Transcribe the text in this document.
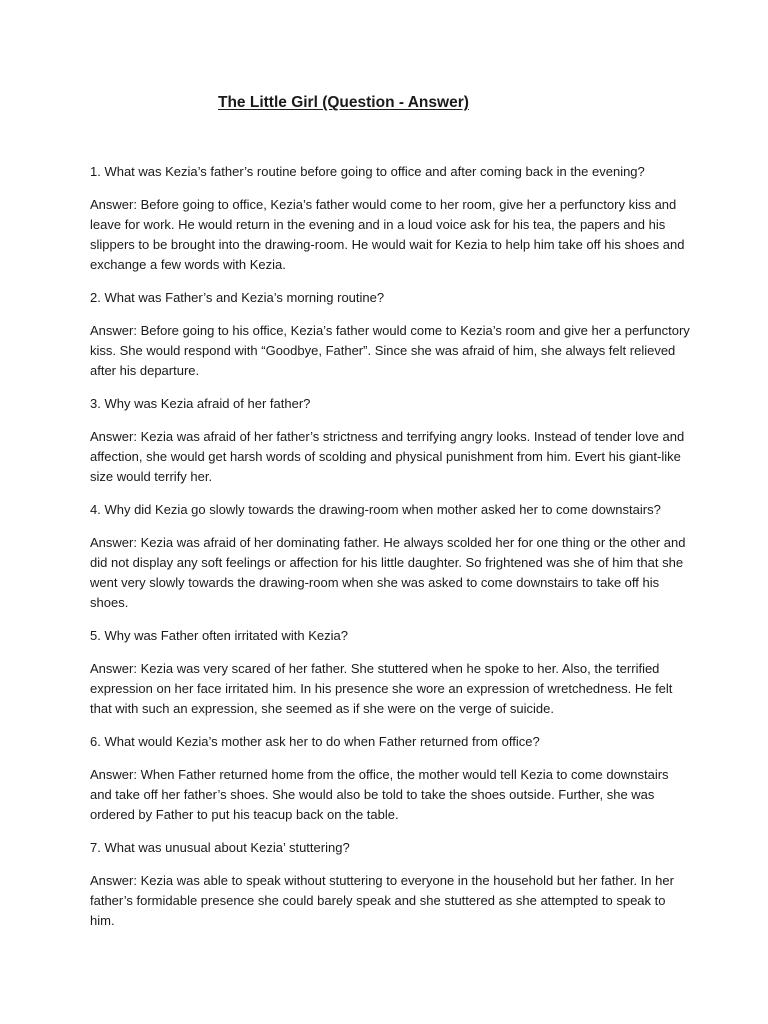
The Little Girl (Question - Answer)

1. What was Kezia’s father’s routine before going to office and after coming back in the evening?

Answer: Before going to office, Kezia’s father would come to her room, give her a perfunctory kiss and leave for work. He would return in the evening and in a loud voice ask for his tea, the papers and his slippers to be brought into the drawing-room. He would wait for Kezia to help him take off his shoes and exchange a few words with Kezia.

2. What was Father’s and Kezia’s morning routine?

Answer: Before going to his office, Kezia’s father would come to Kezia’s room and give her a perfunctory kiss. She would respond with “Goodbye, Father”. Since she was afraid of him, she always felt relieved after his departure.

3. Why was Kezia afraid of her father?

Answer: Kezia was afraid of her father’s strictness and terrifying angry looks. Instead of tender love and affection, she would get harsh words of scolding and physical punishment from him. Evert his giant-like size would terrify her.

4. Why did Kezia go slowly towards the drawing-room when mother asked her to come downstairs?

Answer: Kezia was afraid of her dominating father. He always scolded her for one thing or the other and did not display any soft feelings or affection for his little daughter. So frightened was she of him that she went very slowly towards the drawing-room when she was asked to come downstairs to take off his shoes.

5. Why was Father often irritated with Kezia?

Answer: Kezia was very scared of her father. She stuttered when he spoke to her. Also, the terrified expression on her face irritated him. In his presence she wore an expression of wretchedness. He felt that with such an expression, she seemed as if she were on the verge of suicide.

6. What would Kezia’s mother ask her to do when Father returned from office?

Answer: When Father returned home from the office, the mother would tell Kezia to come downstairs and take off her father’s shoes. She would also be told to take the shoes outside. Further, she was ordered by Father to put his teacup back on the table.

7. What was unusual about Kezia’ stuttering?

Answer: Kezia was able to speak without stuttering to everyone in the household but her father. In her father’s formidable presence she could barely speak and she stuttered as she attempted to speak to him.
